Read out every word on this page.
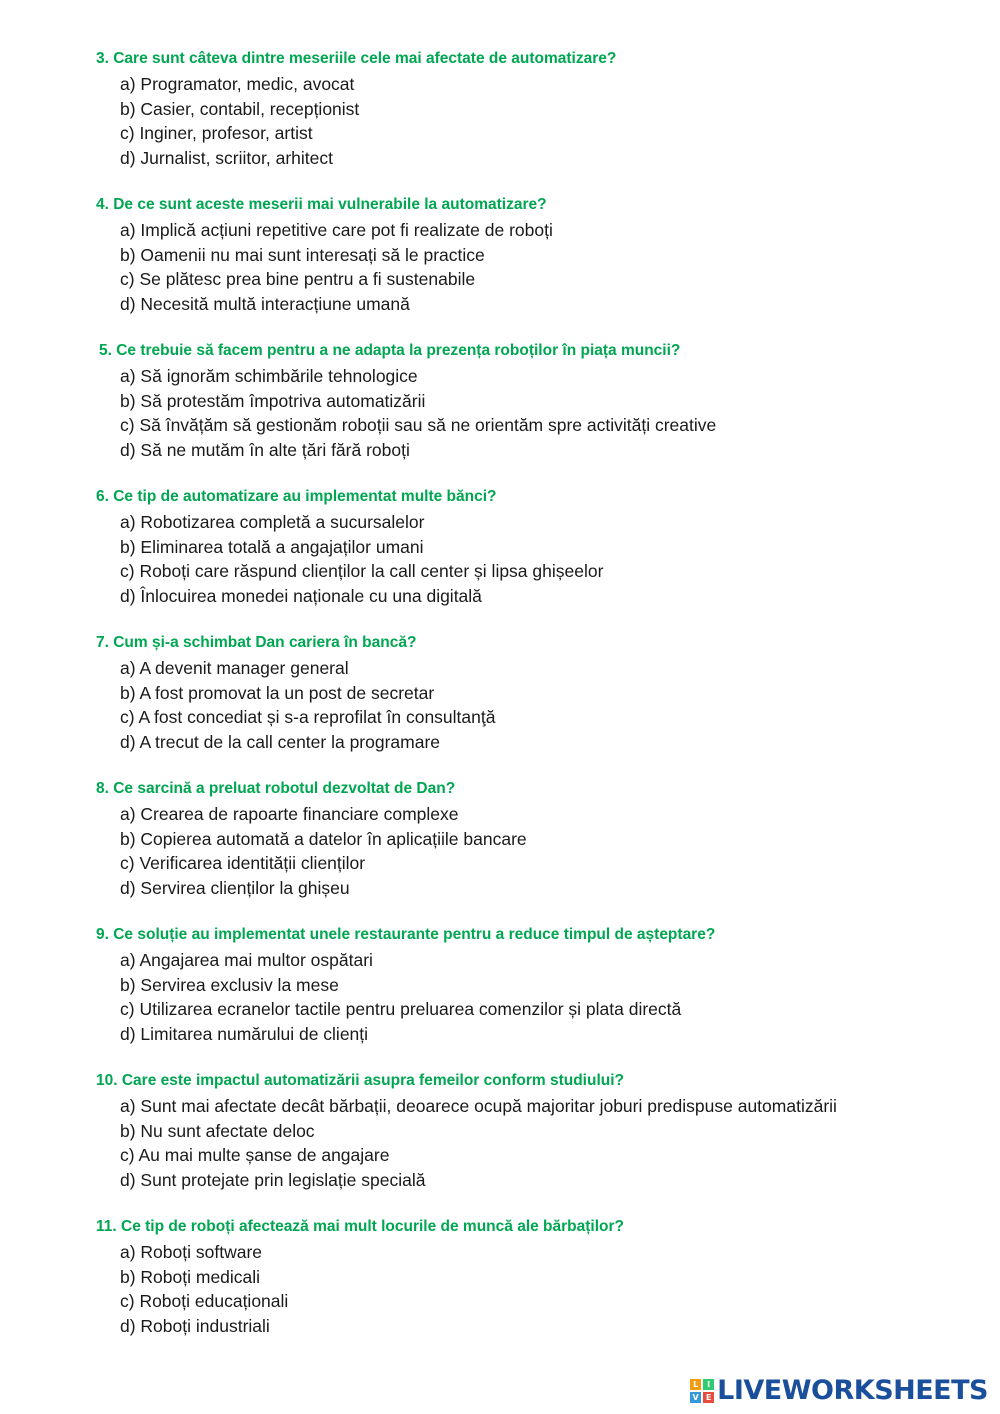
3. Care sunt câteva dintre meseriile cele mai afectate de automatizare?
a) Programator, medic, avocat
b) Casier, contabil, recepționist
c) Inginer, profesor, artist
d) Jurnalist, scriitor, arhitect
4. De ce sunt aceste meserii mai vulnerabile la automatizare?
a) Implică acțiuni repetitive care pot fi realizate de roboți
b) Oamenii nu mai sunt interesați să le practice
c) Se plătesc prea bine pentru a fi sustenabile
d) Necesită multă interacțiune umană
5. Ce trebuie să facem pentru a ne adapta la prezența roboților în piața muncii?
a) Să ignorăm schimbările tehnologice
b) Să protestăm împotriva automatizării
c) Să învățăm să gestionăm roboții sau să ne orientăm spre activități creative
d) Să ne mutăm în alte țări fără roboți
6. Ce tip de automatizare au implementat multe bănci?
a) Robotizarea completă a sucursalelor
b) Eliminarea totală a angajaților umani
c) Roboți care răspund clienților la call center și lipsa ghișeelor
d) Înlocuirea monedei naționale cu una digitală
7. Cum și-a schimbat Dan cariera în bancă?
a) A devenit manager general
b) A fost promovat la un post de secretar
c) A fost concediat și s-a reprofilat în consultanţă
d) A trecut de la call center la programare
8. Ce sarcină a preluat robotul dezvoltat de Dan?
a) Crearea de rapoarte financiare complexe
b) Copierea automată a datelor în aplicațiile bancare
c) Verificarea identității clienților
d) Servirea clienților la ghișeu
9. Ce soluție au implementat unele restaurante pentru a reduce timpul de așteptare?
a) Angajarea mai multor ospătari
b) Servirea exclusiv la mese
c) Utilizarea ecranelor tactile pentru preluarea comenzilor și plata directă
d) Limitarea numărului de clienți
10. Care este impactul automatizării asupra femeilor conform studiului?
a) Sunt mai afectate decât bărbații, deoarece ocupă majoritar joburi predispuse automatizării
b) Nu sunt afectate deloc
c) Au mai multe șanse de angajare
d) Sunt protejate prin legislație specială
11. Ce tip de roboți afectează mai mult locurile de muncă ale bărbaților?
a) Roboți software
b) Roboți medicali
c) Roboți educaționali
d) Roboți industriali
L	I
V E LIVEWORKSHEETS
